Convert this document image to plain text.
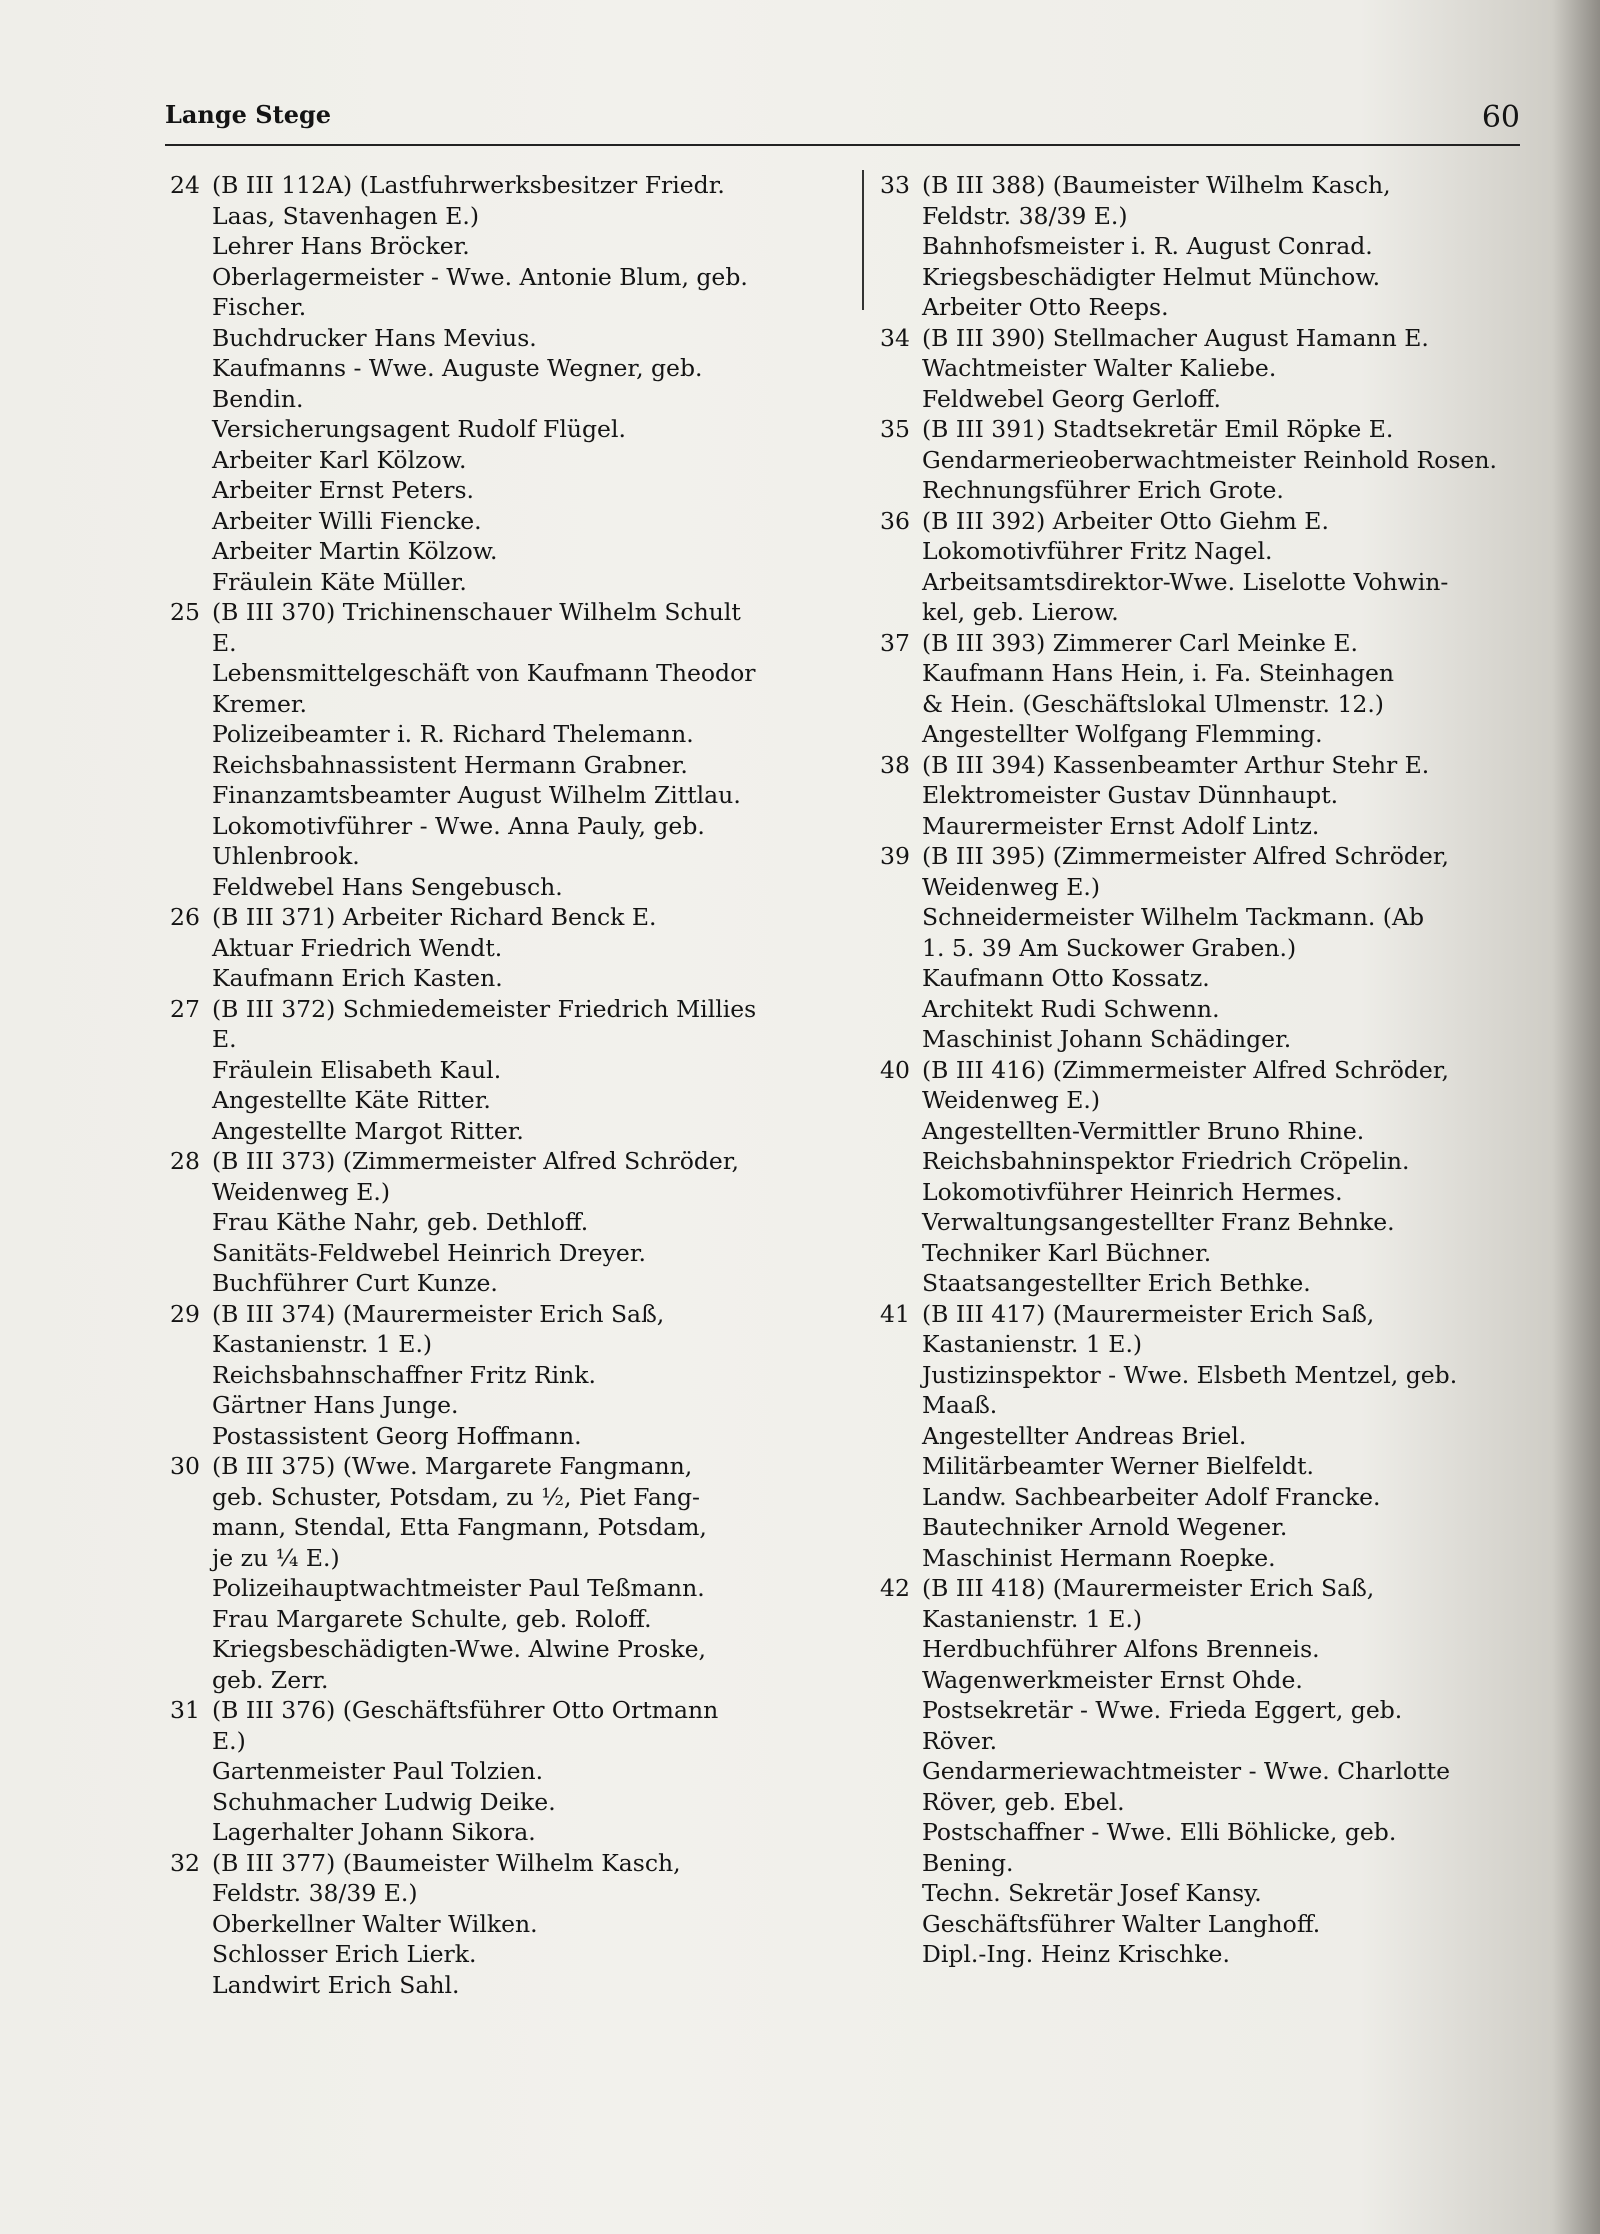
Lange Stege	60
24 (B III 112A) (Lastfuhrwerksbesitzer Friedr.
Laas, Stavenhagen E.)
Lehrer Hans Bröcker.
Oberlagermeister - Wwe. Antonie Blum, geb.
Fischer.
Buchdrucker Hans Mevius.
Kaufmanns - Wwe. Auguste Wegner, geb.
Bendin.
Versicherungsagent Rudolf Flügel.
Arbeiter Karl Kölzow.
Arbeiter Ernst Peters.
Arbeiter Willi Fiencke.
Arbeiter Martin Kölzow.
Fräulein Käte Müller.
25 (B III 370) Trichinenschauer Wilhelm Schult
E.
Lebensmittelgeschäft von Kaufmann Theodor
Kremer.
Polizeibeamter i. R. Richard Thelemann.
Reichsbahnassistent Hermann Grabner.
Finanzamtsbeamter August Wilhelm Zittlau.
Lokomotivführer - Wwe. Anna Pauly, geb.
Uhlenbrook.
Feldwebel Hans Sengebusch.
26 (B III 371) Arbeiter Richard Benck E.
Aktuar Friedrich Wendt.
Kaufmann Erich Kasten.
27 (B III 372) Schmiedemeister Friedrich Millies
E.
Fräulein Elisabeth Kaul.
Angestellte Käte Ritter.
Angestellte Margot Ritter.
28 (B III 373) (Zimmermeister Alfred Schröder,
Weidenweg E.)
Frau Käthe Nahr, geb. Dethloff.
Sanitäts-Feldwebel Heinrich Dreyer.
Buchführer Curt Kunze.
29 (B III 374) (Maurermeister Erich Saß,
Kastanienstr. 1 E.)
Reichsbahnschaffner Fritz Rink.
Gärtner Hans Junge.
Postassistent Georg Hoffmann.
30 (B III 375) (Wwe. Margarete Fangmann,
geb. Schuster, Potsdam, zu ½, Piet Fang-
mann, Stendal, Etta Fangmann, Potsdam,
je zu ¼ E.)
Polizeihauptwachtmeister Paul Teßmann.
Frau Margarete Schulte, geb. Roloff.
Kriegsbeschädigten-Wwe. Alwine Proske,
geb. Zerr.
31 (B III 376) (Geschäftsführer Otto Ortmann
E.)
Gartenmeister Paul Tolzien.
Schuhmacher Ludwig Deike.
Lagerhalter Johann Sikora.
32 (B III 377) (Baumeister Wilhelm Kasch,
Feldstr. 38/39 E.)
Oberkellner Walter Wilken.
Schlosser Erich Lierk.
Landwirt Erich Sahl.
33 (B III 388) (Baumeister Wilhelm Kasch,
Feldstr. 38/39 E.)
Bahnhofsmeister i. R. August Conrad.
Kriegsbeschädigter Helmut Münchow.
Arbeiter Otto Reeps.
34 (B III 390) Stellmacher August Hamann E.
Wachtmeister Walter Kaliebe.
Feldwebel Georg Gerloff.
35 (B III 391) Stadtsekretär Emil Röpke E.
Gendarmerieoberwachtmeister Reinhold Rosen.
Rechnungsführer Erich Grote.
36 (B III 392) Arbeiter Otto Giehm E.
Lokomotivführer Fritz Nagel.
Arbeitsamtsdirektor-Wwe. Liselotte Vohwin-
kel, geb. Lierow.
37 (B III 393) Zimmerer Carl Meinke E.
Kaufmann Hans Hein, i. Fa. Steinhagen
& Hein. (Geschäftslokal Ulmenstr. 12.)
Angestellter Wolfgang Flemming.
38 (B III 394) Kassenbeamter Arthur Stehr E.
Elektromeister Gustav Dünnhaupt.
Maurermeister Ernst Adolf Lintz.
39 (B III 395) (Zimmermeister Alfred Schröder,
Weidenweg E.)
Schneidermeister Wilhelm Tackmann. (Ab
1. 5. 39 Am Suckower Graben.)
Kaufmann Otto Kossatz.
Architekt Rudi Schwenn.
Maschinist Johann Schädinger.
40 (B III 416) (Zimmermeister Alfred Schröder,
Weidenweg E.)
Angestellten-Vermittler Bruno Rhine.
Reichsbahninspektor Friedrich Cröpelin.
Lokomotivführer Heinrich Hermes.
Verwaltungsangestellter Franz Behnke.
Techniker Karl Büchner.
Staatsangestellter Erich Bethke.
41 (B III 417) (Maurermeister Erich Saß,
Kastanienstr. 1 E.)
Justizinspektor - Wwe. Elsbeth Mentzel, geb.
Maaß.
Angestellter Andreas Briel.
Militärbeamter Werner Bielfeldt.
Landw. Sachbearbeiter Adolf Francke.
Bautechniker Arnold Wegener.
Maschinist Hermann Roepke.
42 (B III 418) (Maurermeister Erich Saß,
Kastanienstr. 1 E.)
Herdbuchführer Alfons Brenneis.
Wagenwerkmeister Ernst Ohde.
Postsekretär - Wwe. Frieda Eggert, geb.
Röver.
Gendarmeriewachtmeister - Wwe. Charlotte
Röver, geb. Ebel.
Postschaffner - Wwe. Elli Böhlicke, geb.
Bening.
Techn. Sekretär Josef Kansy.
Geschäftsführer Walter Langhoff.
Dipl.-Ing. Heinz Krischke.
